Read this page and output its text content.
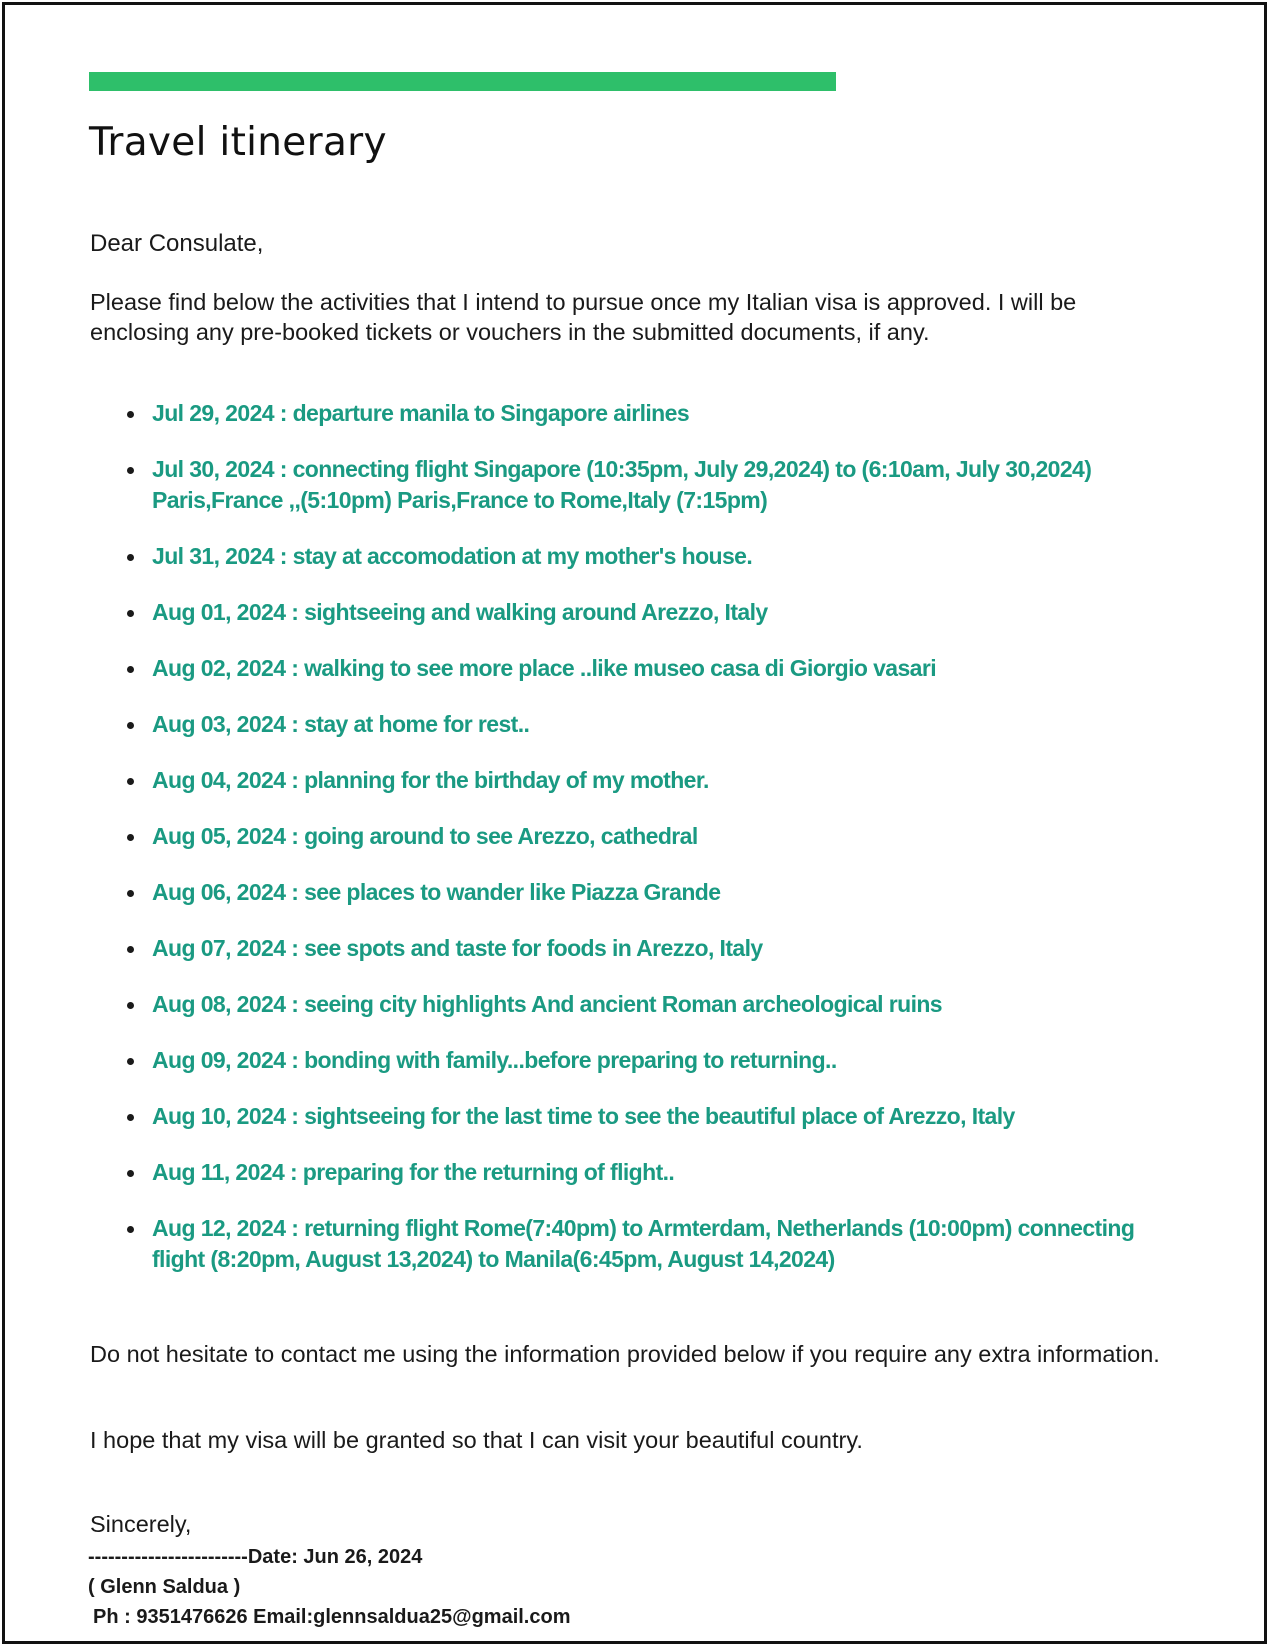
Travel itinerary

Dear Consulate,

Please find below the activities that I intend to pursue once my Italian visa is approved. I will be enclosing any pre-booked tickets or vouchers in the submitted documents, if any.

Jul 29, 2024 : departure manila to Singapore airlines
Jul 30, 2024 : connecting flight Singapore (10:35pm, July 29,2024) to (6:10am, July 30,2024) Paris,France ,,(5:10pm) Paris,France to Rome,Italy (7:15pm)
Jul 31, 2024 : stay at accomodation at my mother's house.
Aug 01, 2024 : sightseeing and walking around Arezzo, Italy
Aug 02, 2024 : walking to see more place ..like museo casa di Giorgio vasari
Aug 03, 2024 : stay at home for rest..
Aug 04, 2024 : planning for the birthday of my mother.
Aug 05, 2024 : going around to see Arezzo, cathedral
Aug 06, 2024 : see places to wander like Piazza Grande
Aug 07, 2024 : see spots and taste for foods in Arezzo, Italy
Aug 08, 2024 : seeing city highlights And ancient Roman archeological ruins
Aug 09, 2024 : bonding with family...before preparing to returning..
Aug 10, 2024 : sightseeing for the last time to see the beautiful place of Arezzo, Italy
Aug 11, 2024 : preparing for the returning of flight..
Aug 12, 2024 : returning flight Rome(7:40pm) to Armterdam, Netherlands (10:00pm) connecting flight (8:20pm, August 13,2024) to Manila(6:45pm, August 14,2024)

Do not hesitate to contact me using the information provided below if you require any extra information.

I hope that my visa will be granted so that I can visit your beautiful country.

Sincerely,

------------------------Date: Jun 26, 2024

( Glenn Saldua )

Ph : 9351476626 Email:glennsaldua25@gmail.com
